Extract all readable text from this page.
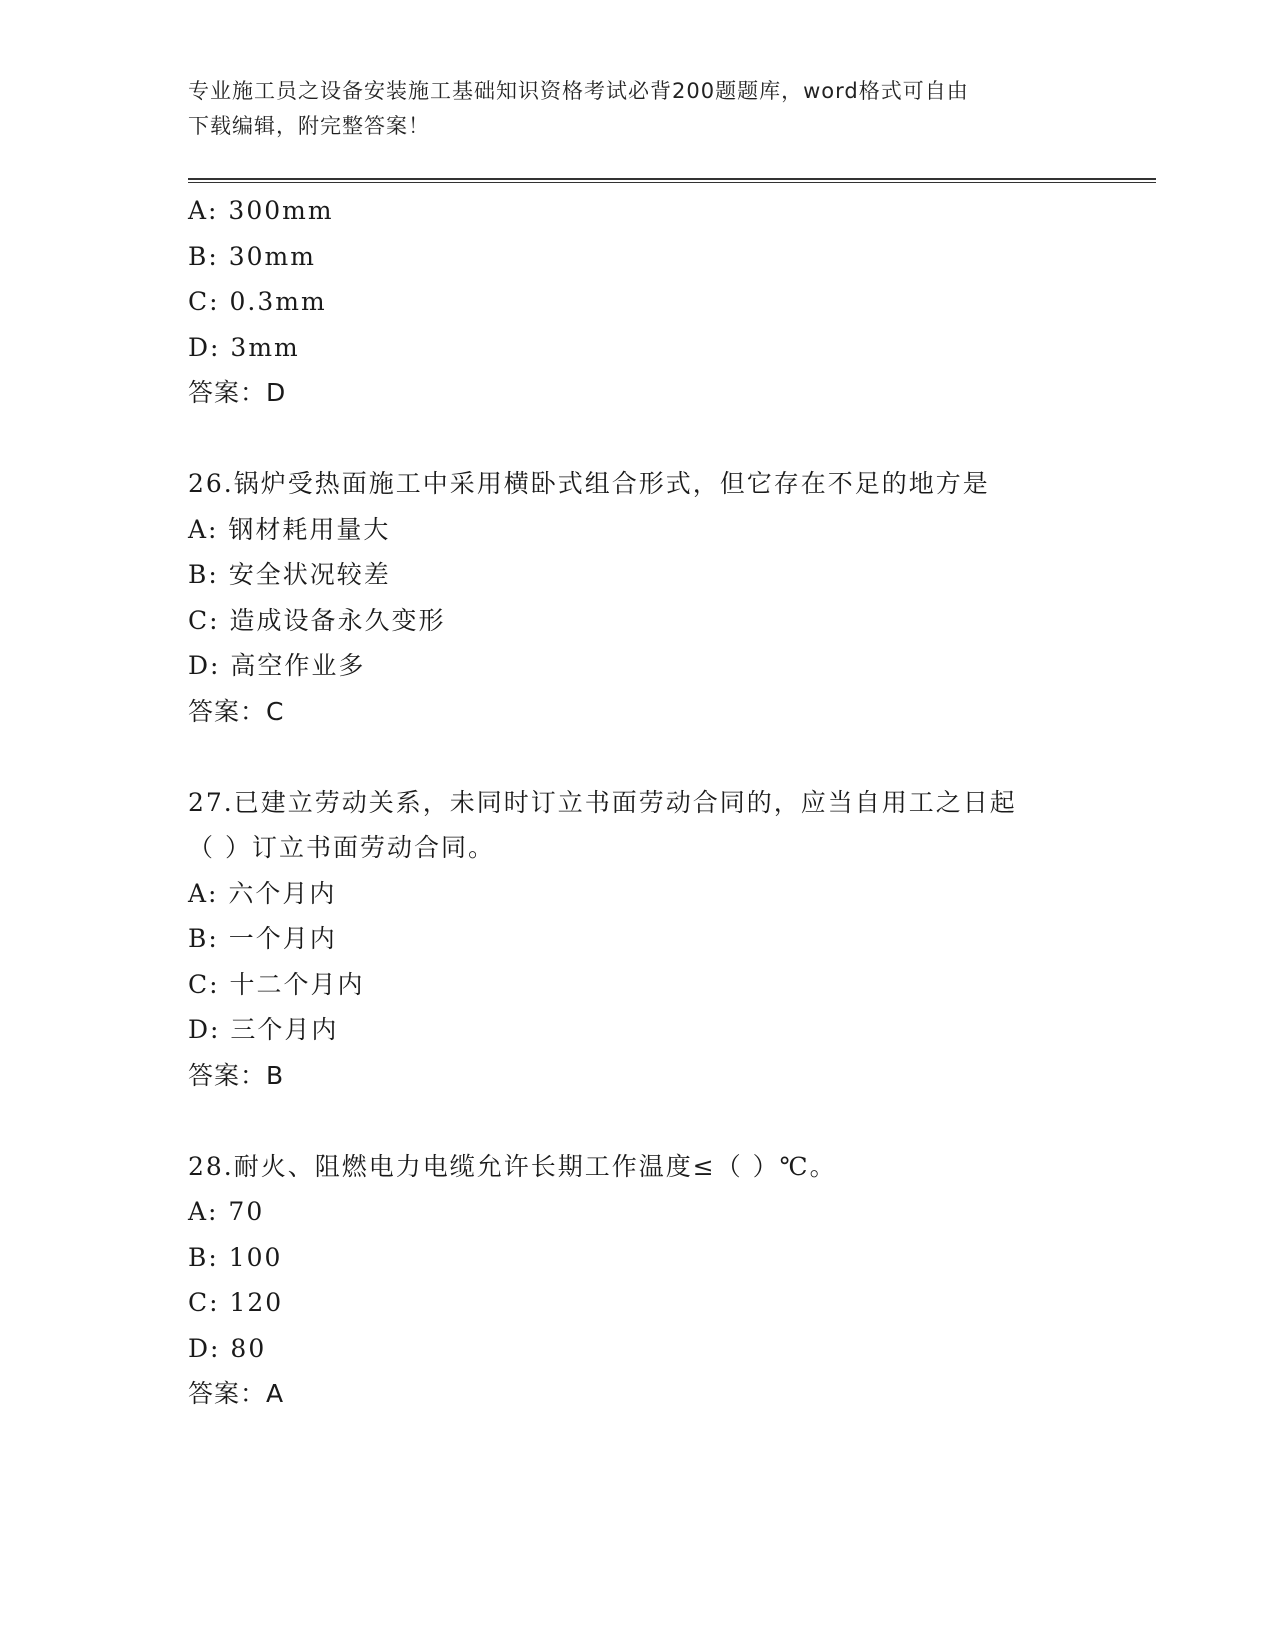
专业施工员之设备安装施工基础知识资格考试必背200题题库，word格式可自由
下载编辑，附完整答案！
A: 300mm
B: 30mm
C: 0.3mm
D: 3mm
答案：D
26.锅炉受热面施工中采用横卧式组合形式，但它存在不足的地方是
A: 钢材耗用量大
B: 安全状况较差
C: 造成设备永久变形
D: 高空作业多
答案：C
27.已建立劳动关系，未同时订立书面劳动合同的，应当自用工之日起
（ ）订立书面劳动合同。
A: 六个月内
B: 一个月内
C: 十二个月内
D: 三个月内
答案：B
28.耐火、阻燃电力电缆允许长期工作温度≤（ ）℃。
A: 70
B: 100
C: 120
D: 80
答案：A
